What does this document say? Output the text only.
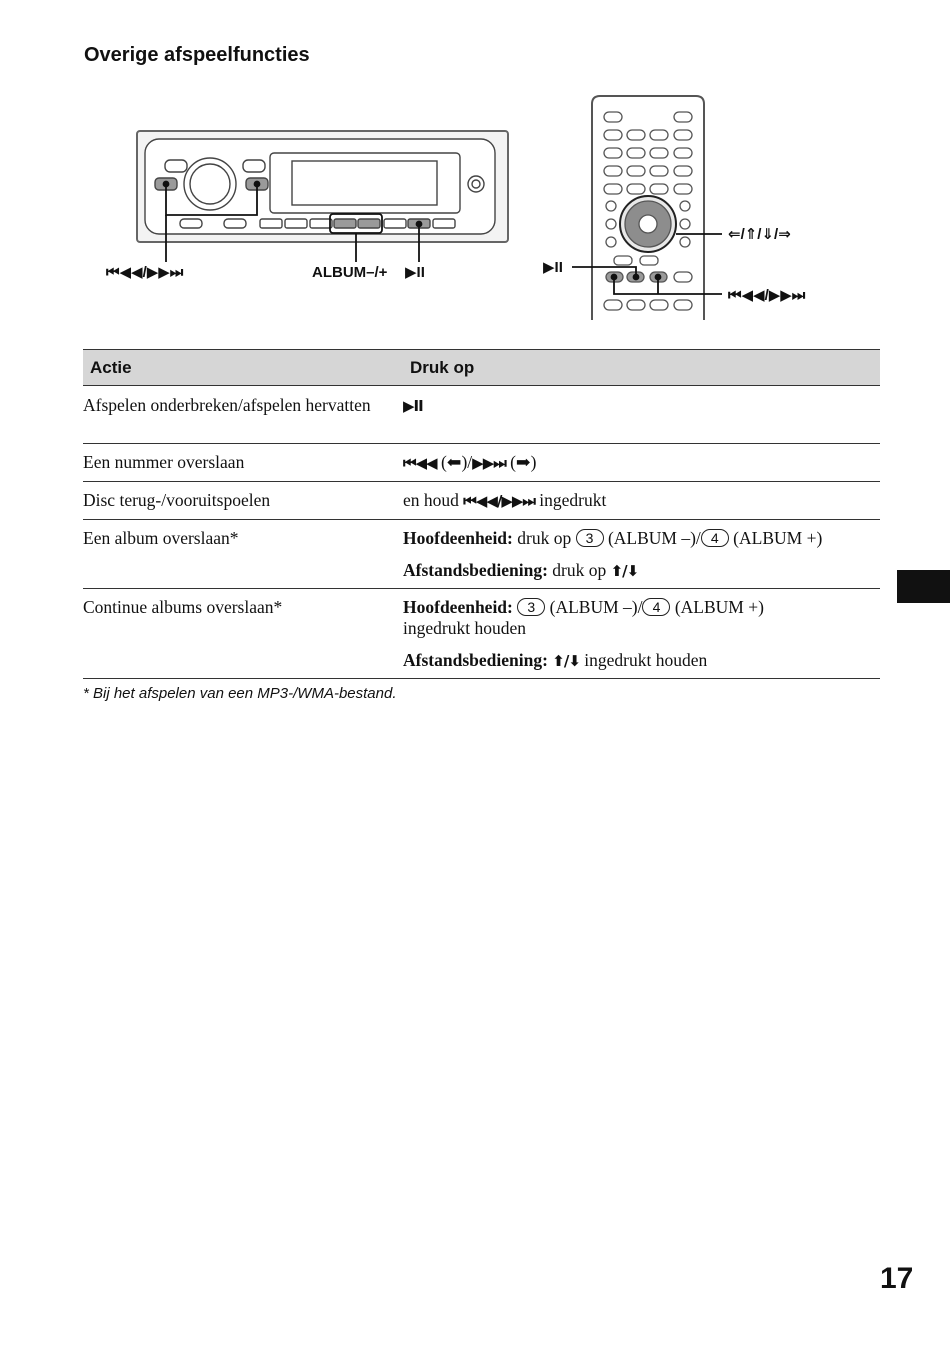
Overige afspeelfuncties
⏮◀◀/▶▶⏭	ALBUM–/+ ▶II
⇐/⇑/⇓/⇒
▶II
⏮◀◀/▶▶⏭
Actie	Druk op
Afspelen onderbreken/afspelen hervatten	▶II
Een nummer overslaan	⏮◀◀ (⬅)/▶▶⏭ (➡)
Disc terug-/vooruitspoelen	en houd ⏮◀◀/▶▶⏭ ingedrukt
Een album overslaan*	Hoofdeenheid: druk op 3 (ALBUM –)/ 4 (ALBUM +)
Afstandsbediening: druk op ⬆/⬇
Continue albums overslaan*	Hoofdeenheid: 3 (ALBUM –)/ 4 (ALBUM +)
ingedrukt houden
Afstandsbediening: ⬆/⬇ ingedrukt houden
* Bij het afspelen van een MP3-/WMA-bestand.
17
